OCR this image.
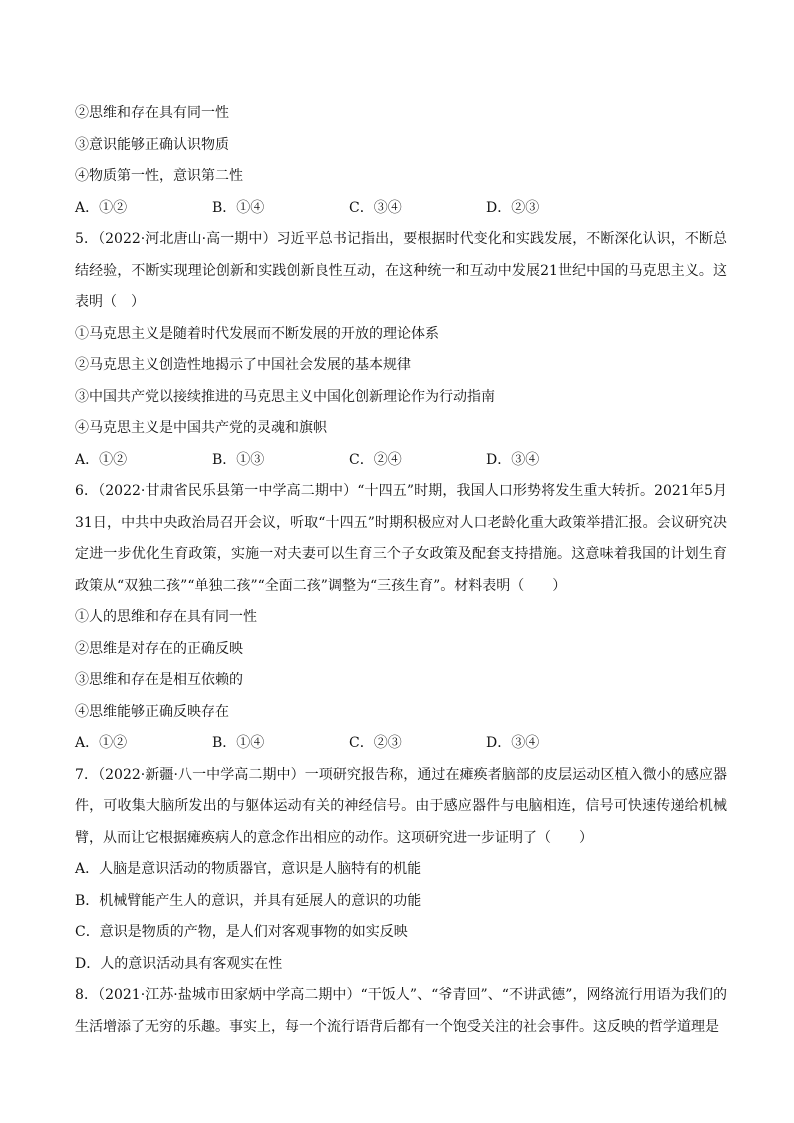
②思维和存在具有同一性
③意识能够正确认识物质
④物质第一性，意识第二性
A．①②	B．①④	C．③④	D．②③
5．（2022·河北唐山·高一期中）习近平总书记指出，要根据时代变化和实践发展，不断深化认识，不断总结经验，不断实现理论创新和实践创新良性互动，在这种统一和互动中发展21世纪中国的马克思主义。这表明（　）
①马克思主义是随着时代发展而不断发展的开放的理论体系
②马克思主义创造性地揭示了中国社会发展的基本规律
③中国共产党以接续推进的马克思主义中国化创新理论作为行动指南
④马克思主义是中国共产党的灵魂和旗帜
A．①②	B．①③	C．②④	D．③④
6．（2022·甘肃省民乐县第一中学高二期中）“十四五”时期，我国人口形势将发生重大转折。2021年5月31日，中共中央政治局召开会议，听取“十四五”时期积极应对人口老龄化重大政策举措汇报。会议研究决定进一步优化生育政策，实施一对夫妻可以生育三个子女政策及配套支持措施。这意味着我国的计划生育政策从“双独二孩”“单独二孩”“全面二孩”调整为“三孩生育”。材料表明（　　）
①人的思维和存在具有同一性
②思维是对存在的正确反映
③思维和存在是相互依赖的
④思维能够正确反映存在
A．①②	B．①④	C．②③	D．③④
7．（2022·新疆·八一中学高二期中）一项研究报告称，通过在瘫痪者脑部的皮层运动区植入微小的感应器件，可收集大脑所发出的与躯体运动有关的神经信号。由于感应器件与电脑相连，信号可快速传递给机械臂，从而让它根据瘫痪病人的意念作出相应的动作。这项研究进一步证明了（　　）
A．人脑是意识活动的物质器官，意识是人脑特有的机能
B．机械臂能产生人的意识，并具有延展人的意识的功能
C．意识是物质的产物，是人们对客观事物的如实反映
D．人的意识活动具有客观实在性
8．（2021·江苏·盐城市田家炳中学高二期中）“干饭人”、“爷青回”、“不讲武德”，网络流行用语为我们的生活增添了无穷的乐趣。事实上，每一个流行语背后都有一个饱受关注的社会事件。这反映的哲学道理是
